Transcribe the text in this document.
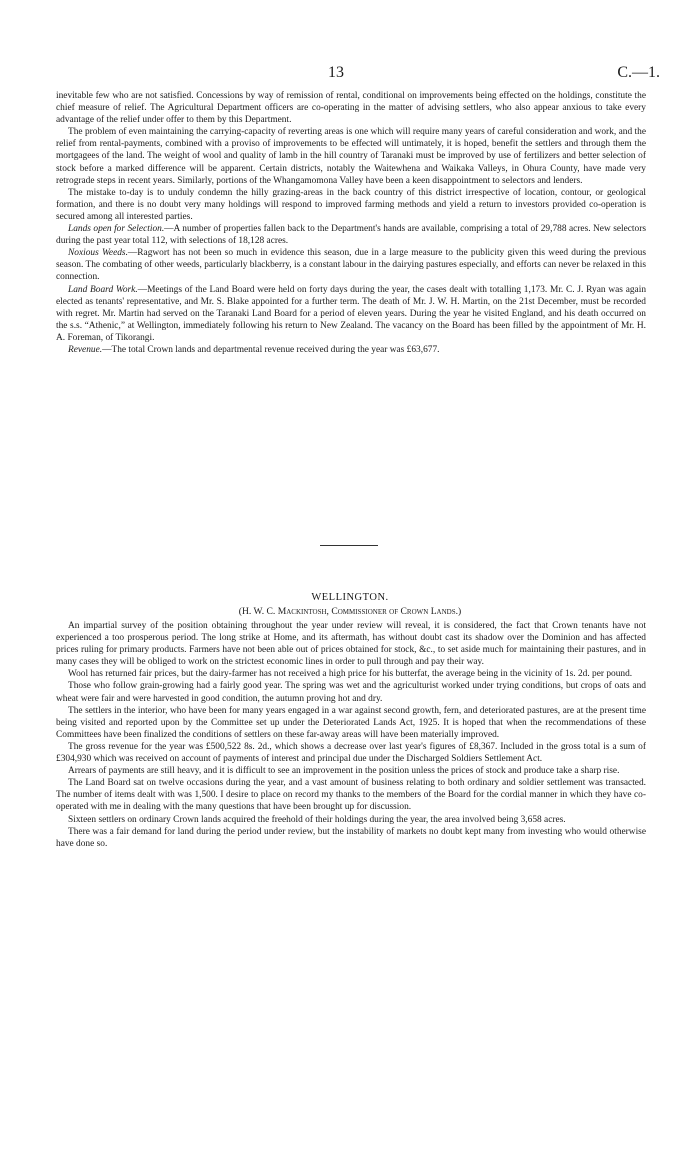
13	C.—1.

inevitable few who are not satisfied. Concessions by way of remission of rental, conditional on improvements being effected on the holdings, constitute the chief measure of relief. The Agricultural Department officers are co-operating in the matter of advising settlers, who also appear anxious to take every advantage of the relief under offer to them by this Department.

The problem of even maintaining the carrying-capacity of reverting areas is one which will require many years of careful consideration and work, and the relief from rental-payments, combined with a proviso of improvements to be effected will untimately, it is hoped, benefit the settlers and through them the mortgagees of the land. The weight of wool and quality of lamb in the hill country of Taranaki must be improved by use of fertilizers and better selection of stock before a marked difference will be apparent. Certain districts, notably the Waitewhena and Waikaka Valleys, in Ohura County, have made very retrograde steps in recent years. Similarly, portions of the Whangamomona Valley have been a keen disappointment to selectors and lenders.

The mistake to-day is to unduly condemn the hilly grazing-areas in the back country of this district irrespective of location, contour, or geological formation, and there is no doubt very many holdings will respond to improved farming methods and yield a return to investors provided co-operation is secured among all interested parties.

Lands open for Selection.—A number of properties fallen back to the Department's hands are available, comprising a total of 29,788 acres. New selectors during the past year total 112, with selections of 18,128 acres.

Noxious Weeds.—Ragwort has not been so much in evidence this season, due in a large measure to the publicity given this weed during the previous season. The combating of other weeds, particularly blackberry, is a constant labour in the dairying pastures especially, and efforts can never be relaxed in this connection.

Land Board Work.—Meetings of the Land Board were held on forty days during the year, the cases dealt with totalling 1,173. Mr. C. J. Ryan was again elected as tenants' representative, and Mr. S. Blake appointed for a further term. The death of Mr. J. W. H. Martin, on the 21st December, must be recorded with regret. Mr. Martin had served on the Taranaki Land Board for a period of eleven years. During the year he visited England, and his death occurred on the s.s. “Athenic,” at Wellington, immediately following his return to New Zealand. The vacancy on the Board has been filled by the appointment of Mr. H. A. Foreman, of Tikorangi.

Revenue.—The total Crown lands and departmental revenue received during the year was £63,677.

WELLINGTON.
(H. W. C. Mackintosh, Commissioner of Crown Lands.)

An impartial survey of the position obtaining throughout the year under review will reveal, it is considered, the fact that Crown tenants have not experienced a too prosperous period. The long strike at Home, and its aftermath, has without doubt cast its shadow over the Dominion and has affected prices ruling for primary products. Farmers have not been able out of prices obtained for stock, &c., to set aside much for maintaining their pastures, and in many cases they will be obliged to work on the strictest economic lines in order to pull through and pay their way.

Wool has returned fair prices, but the dairy-farmer has not received a high price for his butterfat, the average being in the vicinity of 1s. 2d. per pound.

Those who follow grain-growing had a fairly good year. The spring was wet and the agriculturist worked under trying conditions, but crops of oats and wheat were fair and were harvested in good condition, the autumn proving hot and dry.

The settlers in the interior, who have been for many years engaged in a war against second growth, fern, and deteriorated pastures, are at the present time being visited and reported upon by the Committee set up under the Deteriorated Lands Act, 1925. It is hoped that when the recommendations of these Committees have been finalized the conditions of settlers on these far-away areas will have been materially improved.

The gross revenue for the year was £500,522 8s. 2d., which shows a decrease over last year's figures of £8,367. Included in the gross total is a sum of £304,930 which was received on account of payments of interest and principal due under the Discharged Soldiers Settlement Act.

Arrears of payments are still heavy, and it is difficult to see an improvement in the position unless the prices of stock and produce take a sharp rise.

The Land Board sat on twelve occasions during the year, and a vast amount of business relating to both ordinary and soldier settlement was transacted. The number of items dealt with was 1,500. I desire to place on record my thanks to the members of the Board for the cordial manner in which they have co-operated with me in dealing with the many questions that have been brought up for discussion.

Sixteen settlers on ordinary Crown lands acquired the freehold of their holdings during the year, the area involved being 3,658 acres.

There was a fair demand for land during the period under review, but the instability of markets no doubt kept many from investing who would otherwise have done so.
